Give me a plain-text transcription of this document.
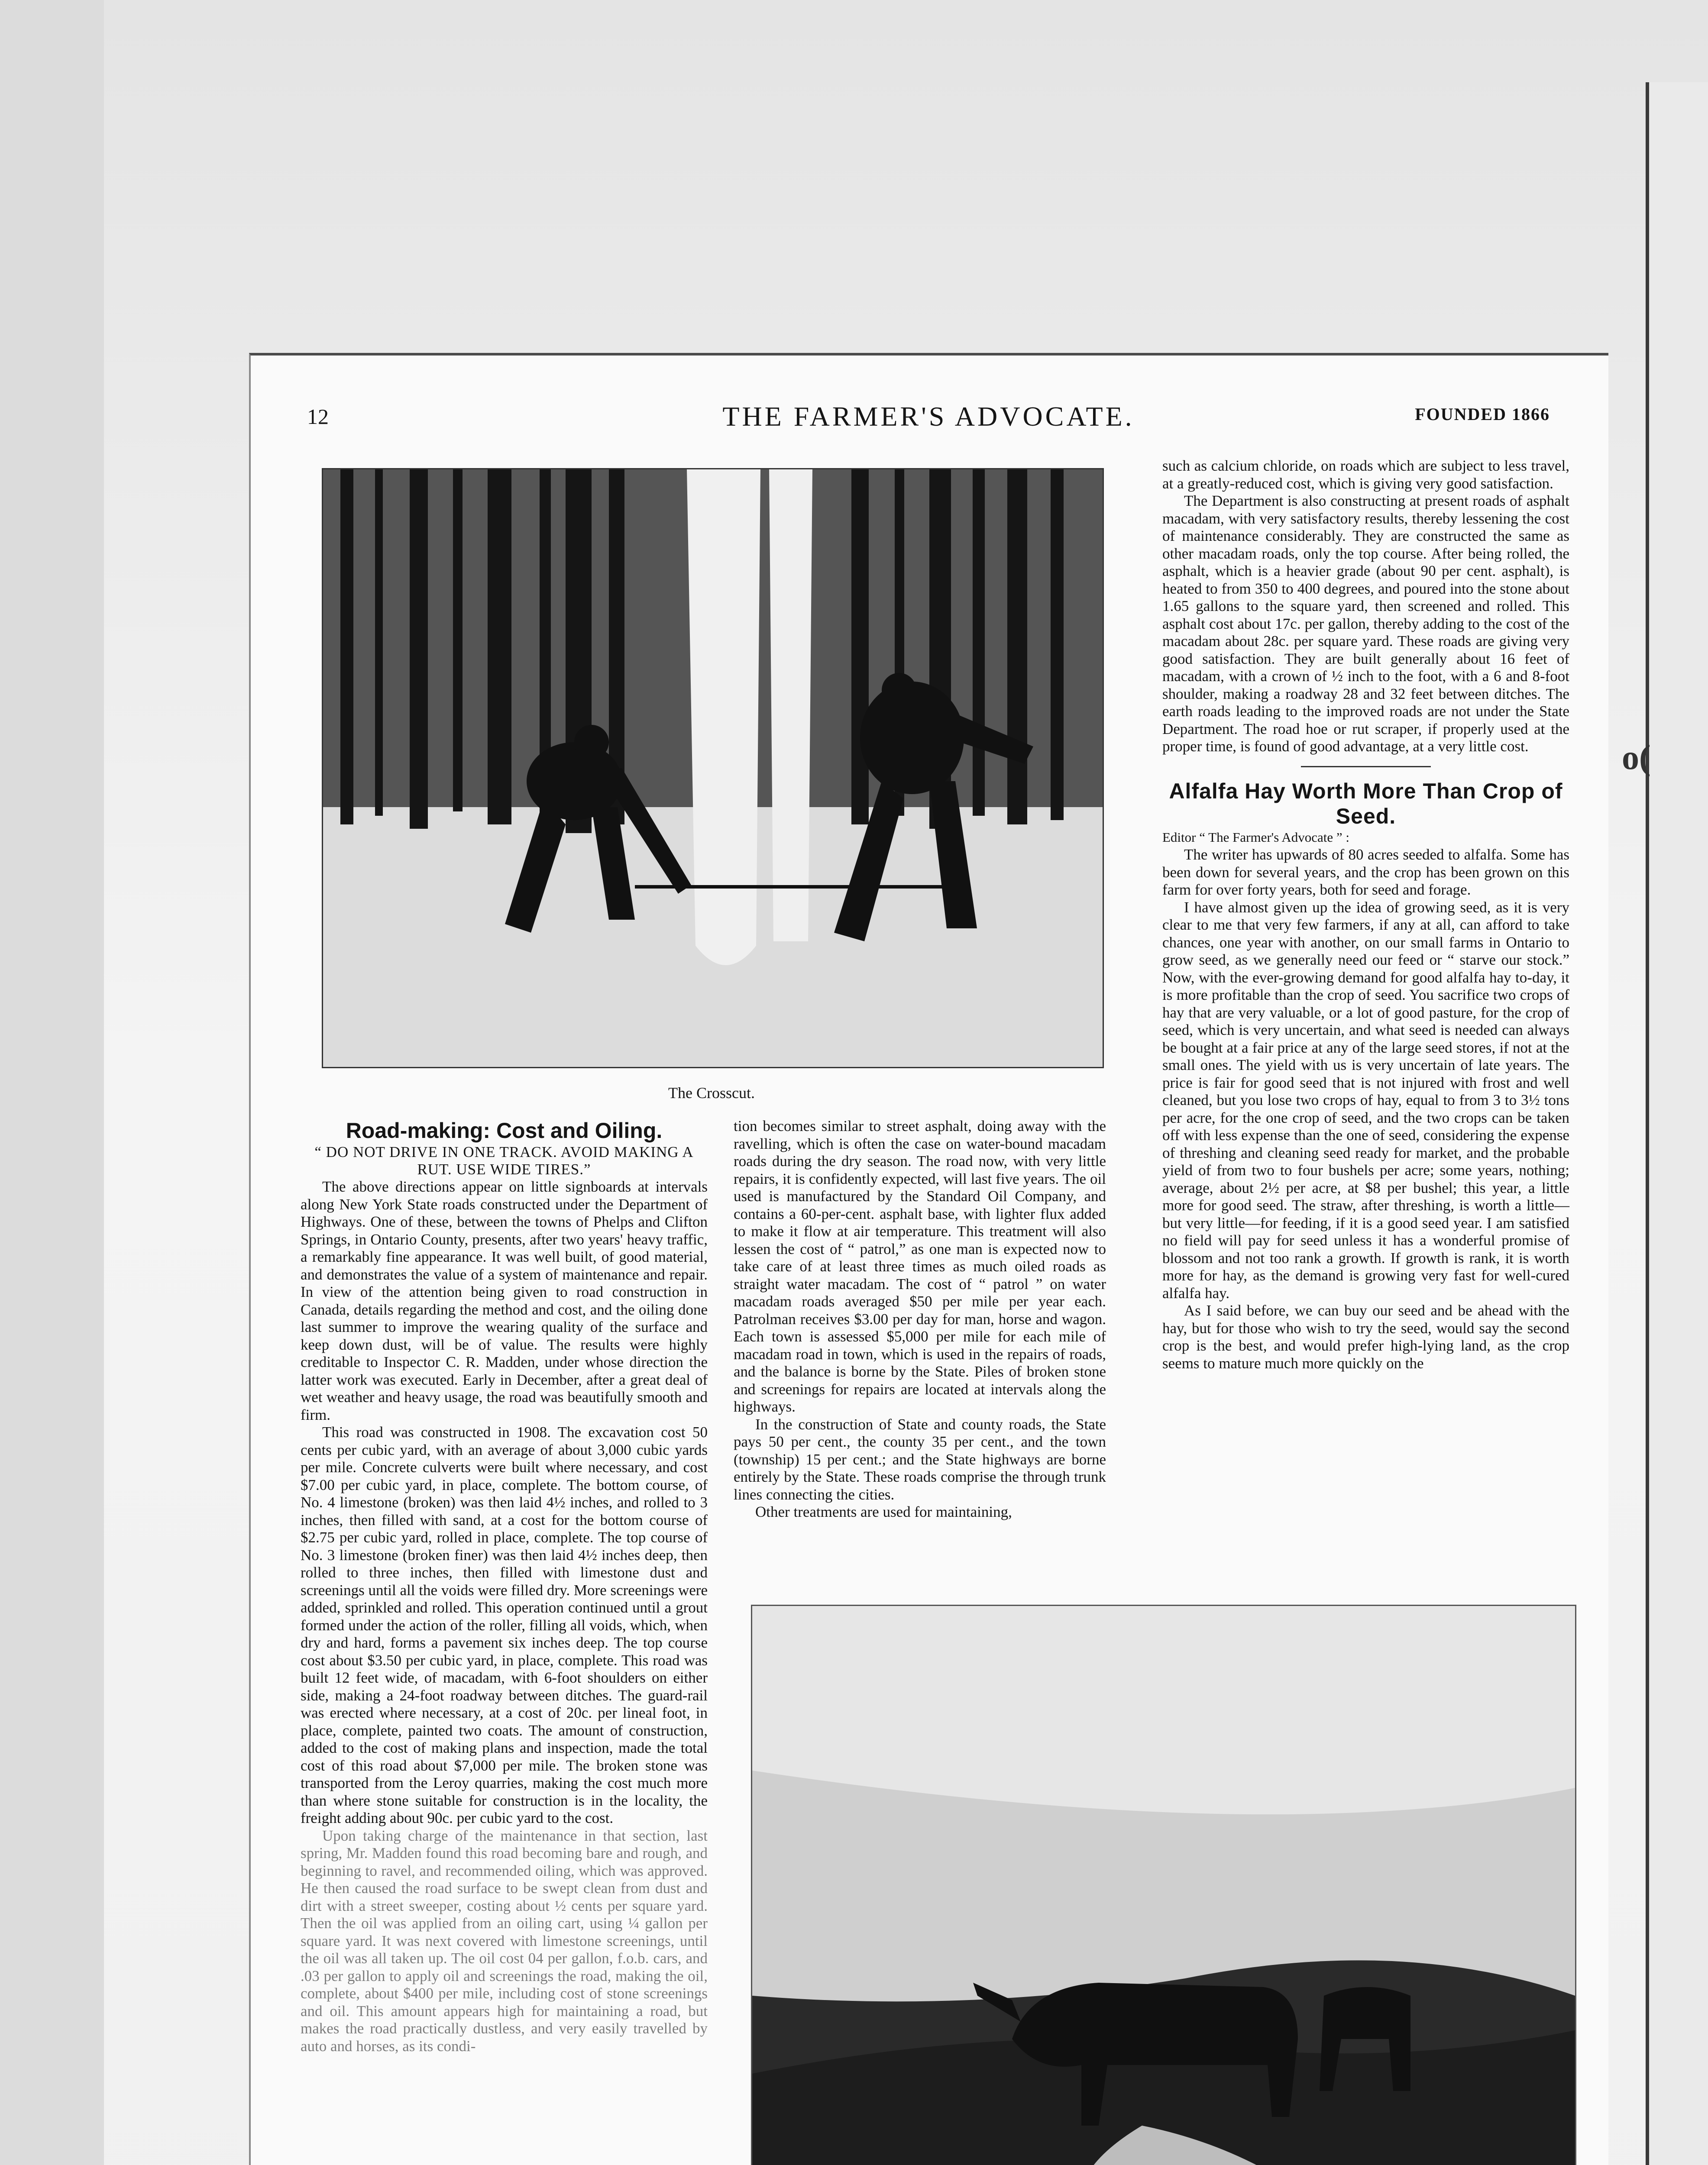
o(
12	THE FARMER'S ADVOCATE.	FOUNDED 1866
The Crosscut.
Road-making: Cost and Oiling.

“ DO NOT DRIVE IN ONE TRACK. AVOID MAKING A RUT. USE WIDE TIRES.”

The above directions appear on little signboards at intervals along New York State roads constructed under the Department of Highways. One of these, between the towns of Phelps and Clifton Springs, in Ontario County, presents, after two years' heavy traffic, a remarkably fine appearance. It was well built, of good material, and demonstrates the value of a system of maintenance and repair. In view of the attention being given to road construction in Canada, details regarding the method and cost, and the oiling done last summer to improve the wearing quality of the surface and keep down dust, will be of value. The results were highly creditable to Inspector C. R. Madden, under whose direction the latter work was executed. Early in December, after a great deal of wet weather and heavy usage, the road was beautifully smooth and firm.

This road was constructed in 1908. The excavation cost 50 cents per cubic yard, with an average of about 3,000 cubic yards per mile. Concrete culverts were built where necessary, and cost $7.00 per cubic yard, in place, complete. The bottom course, of No. 4 limestone (broken) was then laid 4½ inches, and rolled to 3 inches, then filled with sand, at a cost for the bottom course of $2.75 per cubic yard, rolled in place, complete. The top course of No. 3 limestone (broken finer) was then laid 4½ inches deep, then rolled to three inches, then filled with limestone dust and screenings until all the voids were filled dry. More screenings were added, sprinkled and rolled. This operation continued until a grout formed under the action of the roller, filling all voids, which, when dry and hard, forms a pavement six inches deep. The top course cost about $3.50 per cubic yard, in place, complete. This road was built 12 feet wide, of macadam, with 6-foot shoulders on either side, making a 24-foot roadway between ditches. The guard-rail was erected where necessary, at a cost of 20c. per lineal foot, in place, complete, painted two coats. The amount of construction, added to the cost of making plans and inspection, made the total cost of this road about $7,000 per mile. The broken stone was transported from the Leroy quarries, making the cost much more than where stone suitable for construction is in the locality, the freight adding about 90c. per cubic yard to the cost.

Upon taking charge of the maintenance in that section, last spring, Mr. Madden found this road becoming bare and rough, and beginning to ravel, and recommended oiling, which was approved. He then caused the road surface to be swept clean from dust and dirt with a street sweeper, costing about ½ cents per square yard. Then the oil was applied from an oiling cart, using ¼ gallon per square yard. It was next covered with limestone screenings, until the oil was all taken up. The oil cost 04 per gallon, f.o.b. cars, and .03 per gallon to apply oil and screenings the road, making the oil, complete, about $400 per mile, including cost of stone screenings and oil. This amount appears high for maintaining a road, but makes the road practically dustless, and very easily travelled by auto and horses, as its condi-

tion becomes similar to street asphalt, doing away with the ravelling, which is often the case on water-bound macadam roads during the dry season. The road now, with very little repairs, it is confidently expected, will last five years. The oil used is manufactured by the Standard Oil Company, and contains a 60-per-cent. asphalt base, with lighter flux added to make it flow at air temperature. This treatment will also lessen the cost of “ patrol,” as one man is expected now to take care of at least three times as much oiled roads as straight water macadam. The cost of “ patrol ” on water macadam roads averaged $50 per mile per year each. Patrolman receives $3.00 per day for man, horse and wagon. Each town is assessed $5,000 per mile for each mile of macadam road in town, which is used in the repairs of roads, and the balance is borne by the State. Piles of broken stone and screenings for repairs are located at intervals along the highways.

In the construction of State and county roads, the State pays 50 per cent., the county 35 per cent., and the town (township) 15 per cent.; and the State highways are borne entirely by the State. These roads comprise the through trunk lines connecting the cities.

Other treatments are used for maintaining,

such as calcium chloride, on roads which are subject to less travel, at a greatly-reduced cost, which is giving very good satisfaction.

The Department is also constructing at present roads of asphalt macadam, with very satisfactory results, thereby lessening the cost of maintenance considerably. They are constructed the same as other macadam roads, only the top course. After being rolled, the asphalt, which is a heavier grade (about 90 per cent. asphalt), is heated to from 350 to 400 degrees, and poured into the stone about 1.65 gallons to the square yard, then screened and rolled. This asphalt cost about 17c. per gallon, thereby adding to the cost of the macadam about 28c. per square yard. These roads are giving very good satisfaction. They are built generally about 16 feet of macadam, with a crown of ½ inch to the foot, with a 6 and 8-foot shoulder, making a roadway 28 and 32 feet between ditches. The earth roads leading to the improved roads are not under the State Department. The road hoe or rut scraper, if properly used at the proper time, is found of good advantage, at a very little cost.

Alfalfa Hay Worth More Than Crop of Seed.

Editor “ The Farmer's Advocate ” :

The writer has upwards of 80 acres seeded to alfalfa. Some has been down for several years, and the crop has been grown on this farm for over forty years, both for seed and forage.

I have almost given up the idea of growing seed, as it is very clear to me that very few farmers, if any at all, can afford to take chances, one year with another, on our small farms in Ontario to grow seed, as we generally need our feed or “ starve our stock.” Now, with the ever-growing demand for good alfalfa hay to-day, it is more profitable than the crop of seed. You sacrifice two crops of hay that are very valuable, or a lot of good pasture, for the crop of seed, which is very uncertain, and what seed is needed can always be bought at a fair price at any of the large seed stores, if not at the small ones. The yield with us is very uncertain of late years. The price is fair for good seed that is not injured with frost and well cleaned, but you lose two crops of hay, equal to from 3 to 3½ tons per acre, for the one crop of seed, and the two crops can be taken off with less expense than the one of seed, considering the expense of threshing and cleaning seed ready for market, and the probable yield of from two to four bushels per acre; some years, nothing; average, about 2½ per acre, at $8 per bushel; this year, a little more for good seed. The straw, after threshing, is worth a little—but very little—for feeding, if it is a good seed year. I am satisfied no field will pay for seed unless it has a wonderful promise of blossom and not too rank a growth. If growth is rank, it is worth more for hay, as the demand is growing very fast for well-cured alfalfa hay.

As I said before, we can buy our seed and be ahead with the hay, but for those who wish to try the seed, would say the second crop is the best, and would prefer high-lying land, as the crop seems to mature much more quickly on the
